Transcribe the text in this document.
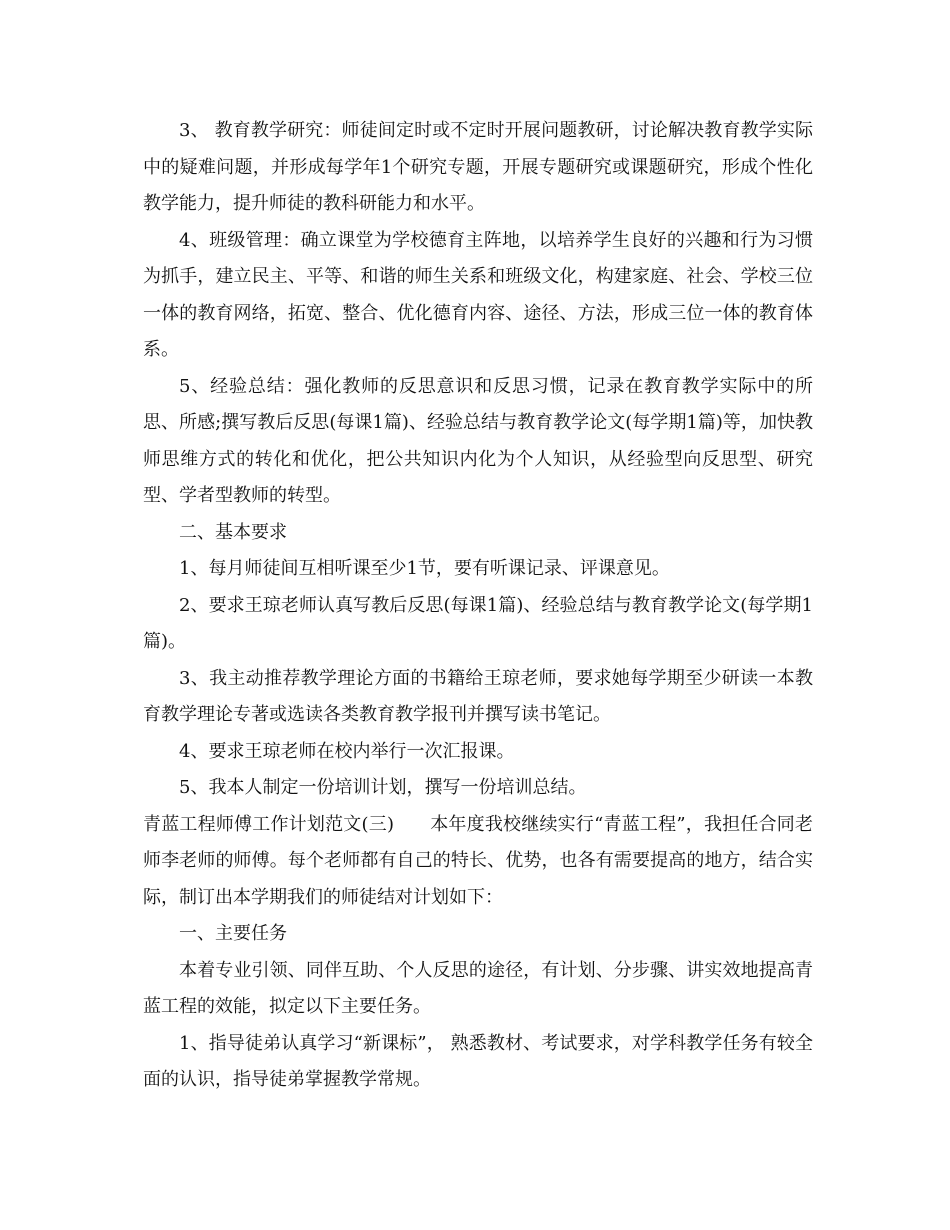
3、 教育教学研究：师徒间定时或不定时开展问题教研，讨论解决教育教学实际中的疑难问题，并形成每学年1个研究专题，开展专题研究或课题研究，形成个性化教学能力，提升师徒的教科研能力和水平。

4、班级管理：确立课堂为学校德育主阵地，以培养学生良好的兴趣和行为习惯为抓手，建立民主、平等、和谐的师生关系和班级文化，构建家庭、社会、学校三位一体的教育网络，拓宽、整合、优化德育内容、途径、方法，形成三位一体的教育体系。

5、经验总结：强化教师的反思意识和反思习惯，记录在教育教学实际中的所思、所感;撰写教后反思(每课1篇)、经验总结与教育教学论文(每学期1篇)等，加快教师思维方式的转化和优化，把公共知识内化为个人知识，从经验型向反思型、研究型、学者型教师的转型。

二、基本要求

1、每月师徒间互相听课至少1节，要有听课记录、评课意见。

2、要求王琼老师认真写教后反思(每课1篇)、经验总结与教育教学论文(每学期1篇)。

3、我主动推荐教学理论方面的书籍给王琼老师，要求她每学期至少研读一本教育教学理论专著或选读各类教育教学报刊并撰写读书笔记。

4、要求王琼老师在校内举行一次汇报课。

5、我本人制定一份培训计划，撰写一份培训总结。

青蓝工程师傅工作计划范文(三) 本年度我校继续实行“青蓝工程”，我担任合同老师李老师的师傅。每个老师都有自己的特长、优势，也各有需要提高的地方，结合实际，制订出本学期我们的师徒结对计划如下：

一、主要任务

本着专业引领、同伴互助、个人反思的途径，有计划、分步骤、讲实效地提高青蓝工程的效能，拟定以下主要任务。

1、指导徒弟认真学习“新课标”， 熟悉教材、考试要求，对学科教学任务有较全面的认识，指导徒弟掌握教学常规。
